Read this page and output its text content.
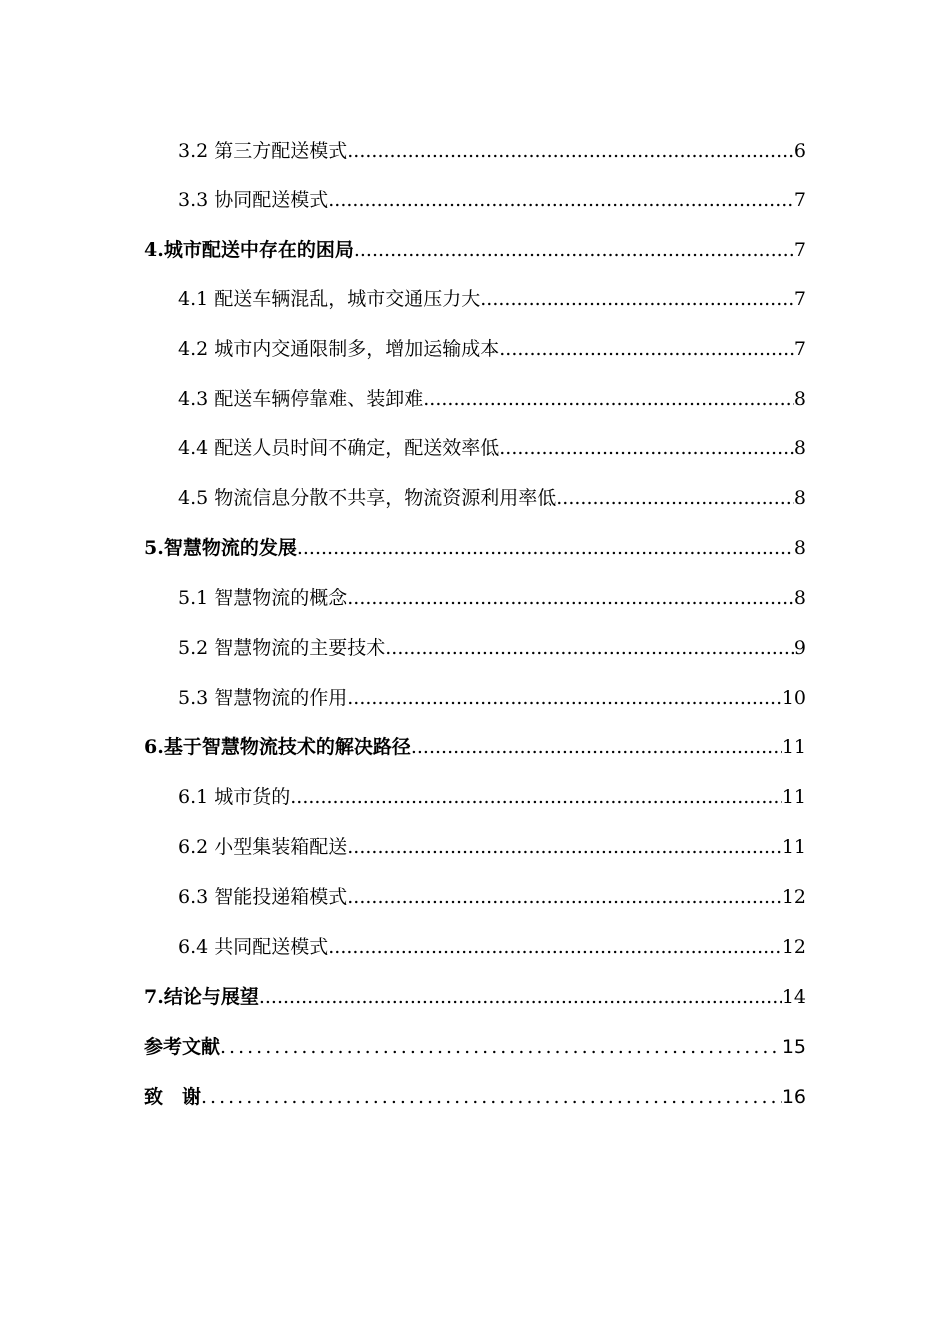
3.2 第三方配送模式 .....	6
3.3 协同配送模式 .....	7
4.城市配送中存在的困局 .....	7
4.1 配送车辆混乱，城市交通压力大 .....	7
4.2 城市内交通限制多，增加运输成本 .....	7
4.3 配送车辆停靠难、装卸难 .....	8
4.4 配送人员时间不确定，配送效率低 .....	8
4.5 物流信息分散不共享，物流资源利用率低 .....	8
5.智慧物流的发展 .....	8
5.1 智慧物流的概念 .....	8
5.2 智慧物流的主要技术 .....	9
5.3 智慧物流的作用 .....	10
6.基于智慧物流技术的解决路径 .....	11
6.1 城市货的 .....	11
6.2 小型集装箱配送 .....	11
6.3 智能投递箱模式 .....	12
6.4 共同配送模式 .....	12
7.结论与展望 .....	14
参考文献 .....	15
致　谢 .....	16
